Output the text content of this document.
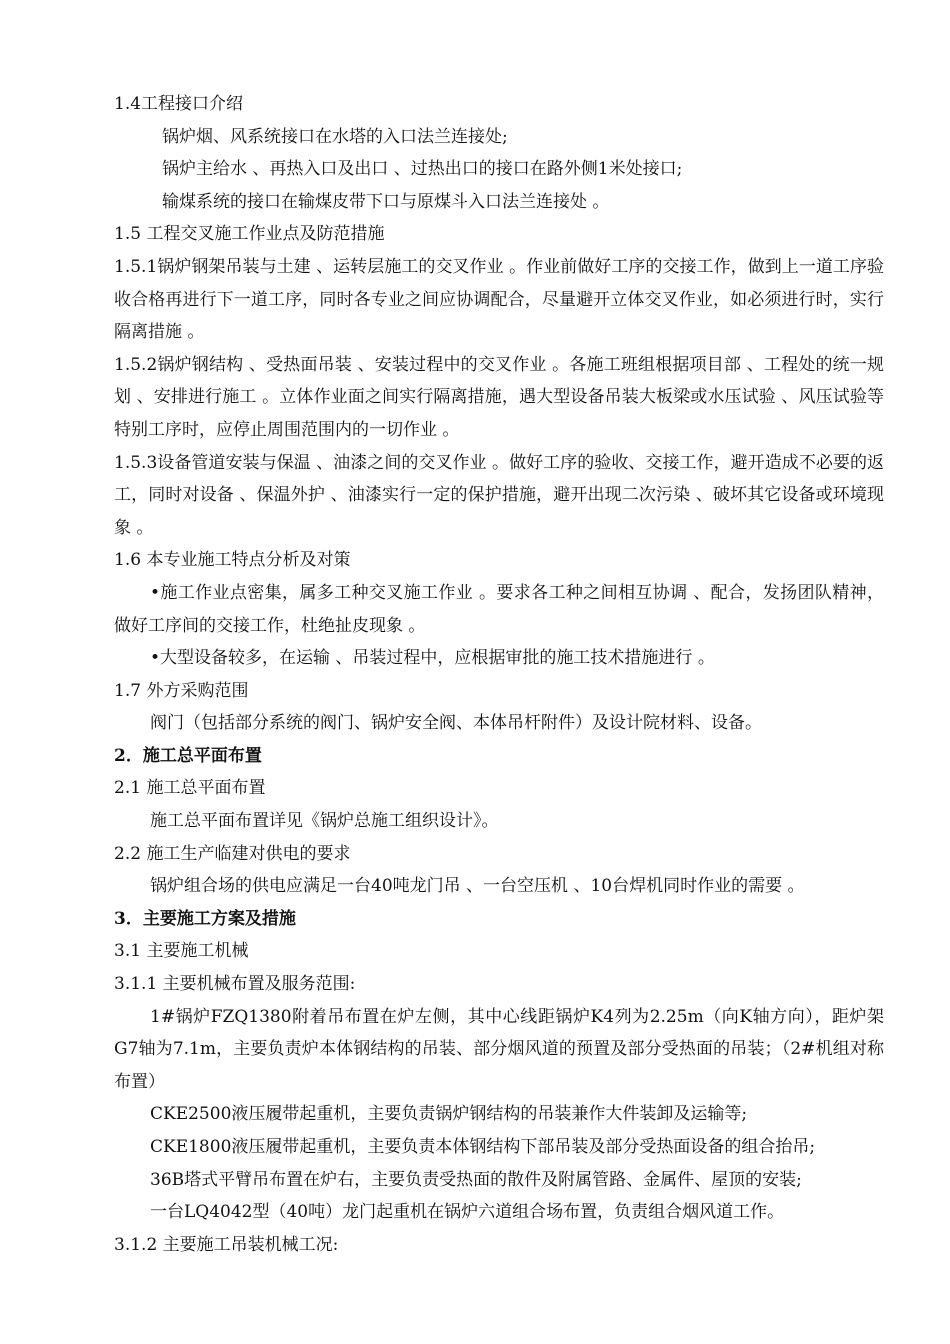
1.4工程接口介绍
锅炉烟、风系统接口在水塔的入口法兰连接处;
锅炉主给水 、再热入口及出口 、过热出口的接口在路外侧1米处接口;
输煤系统的接口在输煤皮带下口与原煤斗入口法兰连接处 。
1.5 工程交叉施工作业点及防范措施
1.5.1锅炉钢架吊装与土建 、运转层施工的交叉作业 。作业前做好工序的交接工作，做到上一道工序验收合格再进行下一道工序，同时各专业之间应协调配合，尽量避开立体交叉作业，如必须进行时，实行隔离措施 。
1.5.2锅炉钢结构 、受热面吊装 、安装过程中的交叉作业 。各施工班组根据项目部 、工程处的统一规划 、安排进行施工 。立体作业面之间实行隔离措施，遇大型设备吊装大板梁或水压试验 、风压试验等特别工序时，应停止周围范围内的一切作业 。
1.5.3设备管道安装与保温 、油漆之间的交叉作业 。做好工序的验收、交接工作，避开造成不必要的返工，同时对设备 、保温外护 、油漆实行一定的保护措施，避开出现二次污染 、破坏其它设备或环境现象 。
1.6 本专业施工特点分析及对策
•施工作业点密集，属多工种交叉施工作业 。要求各工种之间相互协调 、配合，发扬团队精神，做好工序间的交接工作，杜绝扯皮现象 。
•大型设备较多，在运输 、吊装过程中，应根据审批的施工技术措施进行 。
1.7 外方采购范围
阀门（包括部分系统的阀门、锅炉安全阀、本体吊杆附件）及设计院材料、设备。
2．施工总平面布置
2.1 施工总平面布置
施工总平面布置详见《锅炉总施工组织设计》。
2.2 施工生产临建对供电的要求
锅炉组合场的供电应满足一台40吨龙门吊 、一台空压机 、10台焊机同时作业的需要 。
3．主要施工方案及措施
3.1 主要施工机械
3.1.1 主要机械布置及服务范围:
1#锅炉FZQ1380附着吊布置在炉左侧，其中心线距锅炉K4列为2.25m（向K轴方向），距炉架G7轴为7.1m，主要负责炉本体钢结构的吊装、部分烟风道的预置及部分受热面的吊装；（2#机组对称布置）
CKE2500液压履带起重机，主要负责锅炉钢结构的吊装兼作大件装卸及运输等;
CKE1800液压履带起重机，主要负责本体钢结构下部吊装及部分受热面设备的组合抬吊;
36B塔式平臂吊布置在炉右，主要负责受热面的散件及附属管路、金属件、屋顶的安装;
一台LQ4042型（40吨）龙门起重机在锅炉六道组合场布置，负责组合烟风道工作。
3.1.2 主要施工吊装机械工况:
